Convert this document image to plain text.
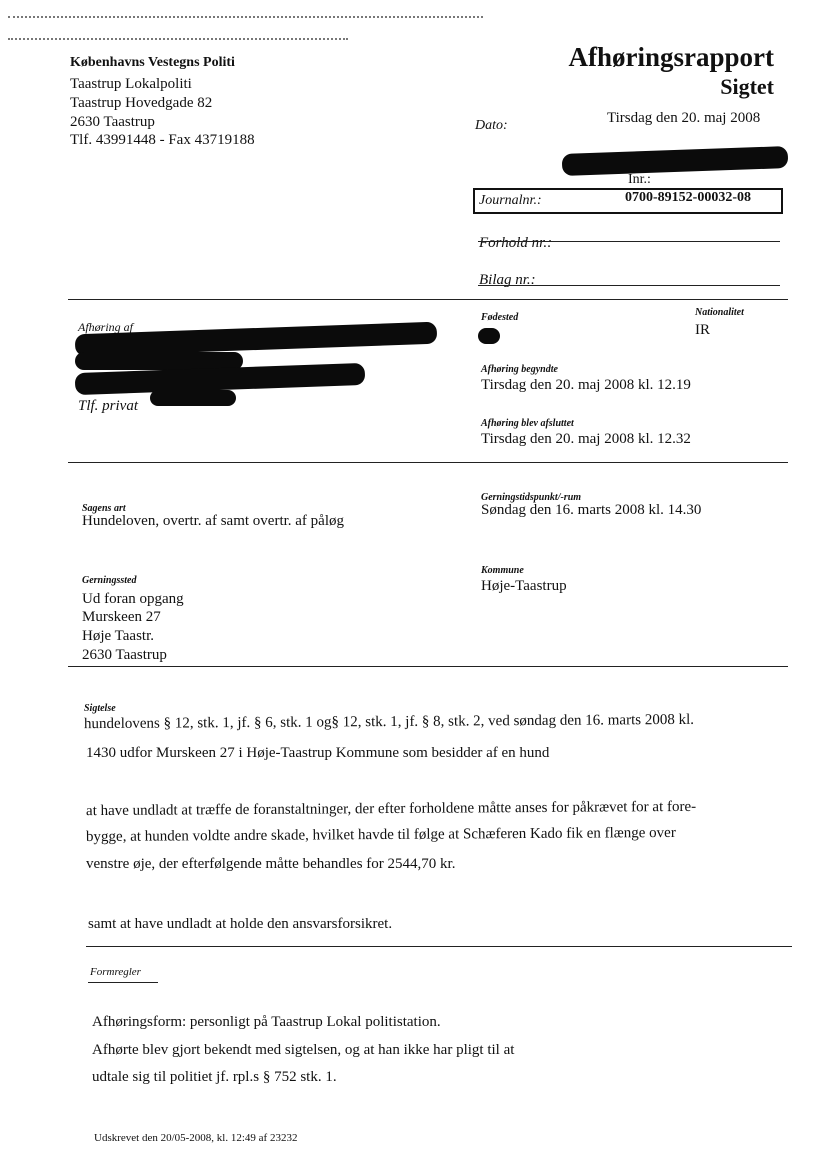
Københavns Vestegns Politi
Taastrup Lokalpoliti
Taastrup Hovedgade 82
2630 Taastrup
Tlf. 43991448 - Fax 43719188
Afhøringsrapport
Sigtet
Dato:	Tirsdag den 20. maj 2008
Inr.:
Journalnr.:	0700-89152-00032-08
Forhold nr.:
Bilag nr.:
Afhøring af
Tlf. privat
Fødested	Nationalitet
IR
Afhøring begyndte
Tirsdag den 20. maj 2008 kl. 12.19
Afhøring blev afsluttet
Tirsdag den 20. maj 2008 kl. 12.32
Sagens art
Hundeloven, overtr. af samt overtr. af påløg
Gerningstidspunkt/-rum
Søndag den 16. marts 2008 kl. 14.30
Gerningssted
Ud foran opgang
Murskeen 27
Høje Taastr.
2630 Taastrup
Kommune
Høje-Taastrup
Sigtelse
hundelovens § 12, stk. 1, jf. § 6, stk. 1 og§ 12, stk. 1, jf. § 8, stk. 2, ved søndag den 16. marts 2008 kl.
1430 udfor Murskeen 27 i Høje-Taastrup Kommune som besidder af en hund
at have undladt at træffe de foranstaltninger, der efter forholdene måtte anses for påkrævet for at fore-
bygge, at hunden voldte andre skade, hvilket havde til følge at Schæferen Kado fik en flænge over
venstre øje, der efterfølgende måtte behandles for 2544,70 kr.
samt at have undladt at holde den ansvarsforsikret.
Formregler
Afhøringsform: personligt på Taastrup Lokal politistation.
Afhørte blev gjort bekendt med sigtelsen, og at han ikke har pligt til at
udtale sig til politiet jf. rpl.s § 752 stk. 1.
Udskrevet den 20/05-2008, kl. 12:49 af 23232
